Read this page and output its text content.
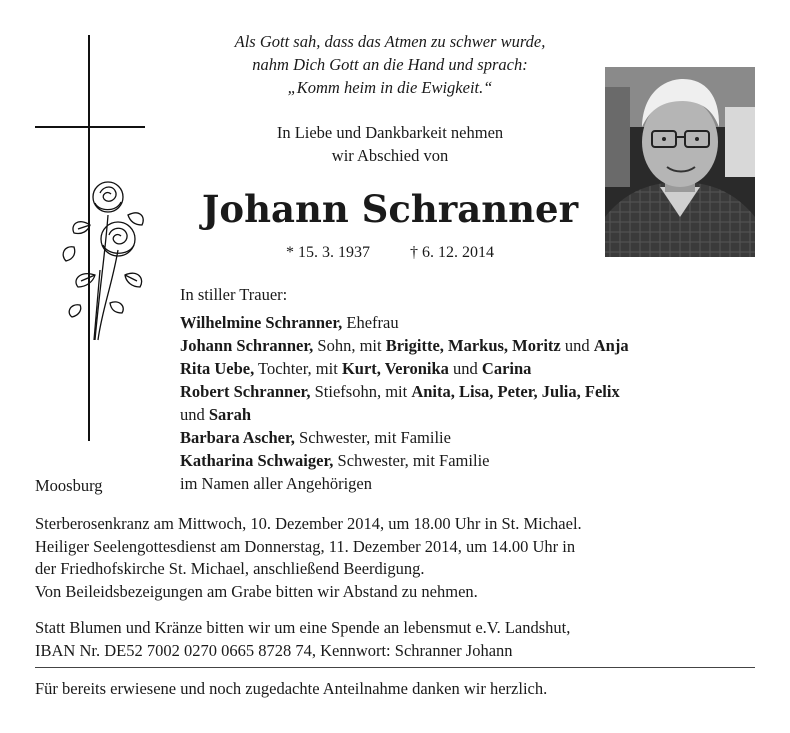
Als Gott sah, dass das Atmen zu schwer wurde,
nahm Dich Gott an die Hand und sprach:
„Komm heim in die Ewigkeit.“
In Liebe und Dankbarkeit nehmen
wir Abschied von
Johann Schranner
* 15. 3. 1937	† 6. 12. 2014
In stiller Trauer:
Wilhelmine Schranner, Ehefrau
Johann Schranner, Sohn, mit Brigitte, Markus, Moritz und Anja
Rita Uebe, Tochter, mit Kurt, Veronika und Carina
Robert Schranner, Stiefsohn, mit Anita, Lisa, Peter, Julia, Felix
und Sarah
Barbara Ascher, Schwester, mit Familie
Katharina Schwaiger, Schwester, mit Familie
im Namen aller Angehörigen
Moosburg
Sterberosenkranz am Mittwoch, 10. Dezember 2014, um 18.00 Uhr in St. Michael.
Heiliger Seelengottesdienst am Donnerstag, 11. Dezember 2014, um 14.00 Uhr in
der Friedhofskirche St. Michael, anschließend Beerdigung.
Von Beileidsbezeigungen am Grabe bitten wir Abstand zu nehmen.
Statt Blumen und Kränze bitten wir um eine Spende an lebensmut e.V. Landshut,
IBAN Nr. DE52 7002 0270 0665 8728 74, Kennwort: Schranner Johann
Für bereits erwiesene und noch zugedachte Anteilnahme danken wir herzlich.
